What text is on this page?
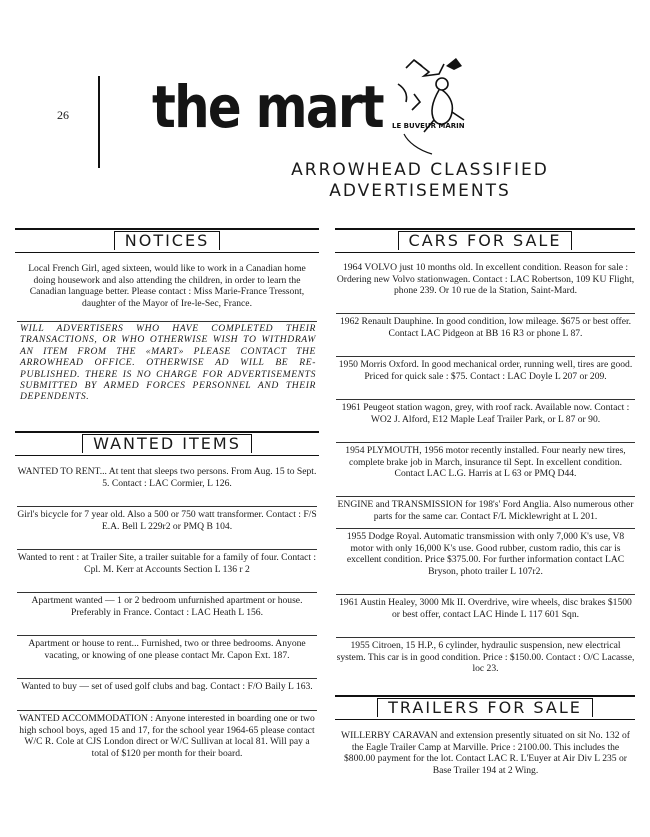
26 the mart LE BUVEUR MARIN
ARROWHEAD CLASSIFIED
ADVERTISEMENTS
NOTICES
Local French Girl, aged sixteen, would like to work in a Canadian home doing housework and also attending the children, in order to learn the Canadian language better. Please contact : Miss Marie-France Tressont, daughter of the Mayor of Ire-le-Sec, France.
WILL ADVERTISERS WHO HAVE COMPLETED THEIR TRANSACTIONS, OR WHO OTHERWISE WISH TO WITHDRAW AN ITEM FROM THE «MART» PLEASE CONTACT THE ARROWHEAD OFFICE. OTHERWISE AD WILL BE RE-PUBLISHED. THERE IS NO CHARGE FOR ADVERTISEMENTS SUBMITTED BY ARMED FORCES PERSONNEL AND THEIR DEPENDENTS.
WANTED ITEMS
WANTED TO RENT... At tent that sleeps two persons. From Aug. 15 to Sept. 5. Contact : LAC Cormier, L 126.
Girl's bicycle for 7 year old. Also a 500 or 750 watt transformer. Contact : F/S E.A. Bell L 229r2 or PMQ B 104.
Wanted to rent : at Trailer Site, a trailer suitable for a family of four. Contact : Cpl. M. Kerr at Accounts Section L 136 r 2
Apartment wanted — 1 or 2 bedroom unfurnished apartment or house. Preferably in France. Contact : LAC Heath L 156.
Apartment or house to rent... Furnished, two or three bedrooms. Anyone vacating, or knowing of one please contact Mr. Capon Ext. 187.
Wanted to buy — set of used golf clubs and bag. Contact : F/O Baily L 163.
WANTED ACCOMMODATION : Anyone interested in boarding one or two high school boys, aged 15 and 17, for the school year 1964-65 please contact W/C R. Cole at CJS London direct or W/C Sullivan at local 81. Will pay a total of $120 per month for their board.
CARS FOR SALE
1964 VOLVO just 10 months old. In excellent condition. Reason for sale : Ordering new Volvo stationwagen. Contact : LAC Robertson, 109 KU Flight, phone 239. Or 10 rue de la Station, Saint-Mard.
1962 Renault Dauphine. In good condition, low mileage. $675 or best offer. Contact LAC Pidgeon at BB 16 R3 or phone L 87.
1950 Morris Oxford. In good mechanical order, running well, tires are good. Priced for quick sale : $75. Contact : LAC Doyle L 207 or 209.
1961 Peugeot station wagon, grey, with roof rack. Available now. Contact : WO2 J. Alford, E12 Maple Leaf Trailer Park, or L 87 or 90.
1954 PLYMOUTH, 1956 motor recently installed. Four nearly new tires, complete brake job in March, insurance til Sept. In excellent condition. Contact LAC L.G. Harris at L 63 or PMQ D44.
ENGINE and TRANSMISSION for 198's' Ford Anglia. Also numerous other parts for the same car. Contact F/L Micklewright at L 201.
1955 Dodge Royal. Automatic transmission with only 7,000 K's use, V8 motor with only 16,000 K's use. Good rubber, custom radio, this car is excellent condition. Price $375.00. For further information contact LAC Bryson, photo trailer L 107r2.
1961 Austin Healey, 3000 Mk II. Overdrive, wire wheels, disc brakes $1500 or best offer, contact LAC Hinde L 117 601 Sqn.
1955 Citroen, 15 H.P., 6 cylinder, hydraulic suspension, new electrical system. This car is in good condition. Price : $150.00. Contact : O/C Lacasse, loc 23.
TRAILERS FOR SALE
WILLERBY CARAVAN and extension presently situated on sit No. 132 of the Eagle Trailer Camp at Marville. Price : 2100.00. This includes the $800.00 payment for the lot. Contact LAC R. L'Euyer at Air Div L 235 or Base Trailer 194 at 2 Wing.
